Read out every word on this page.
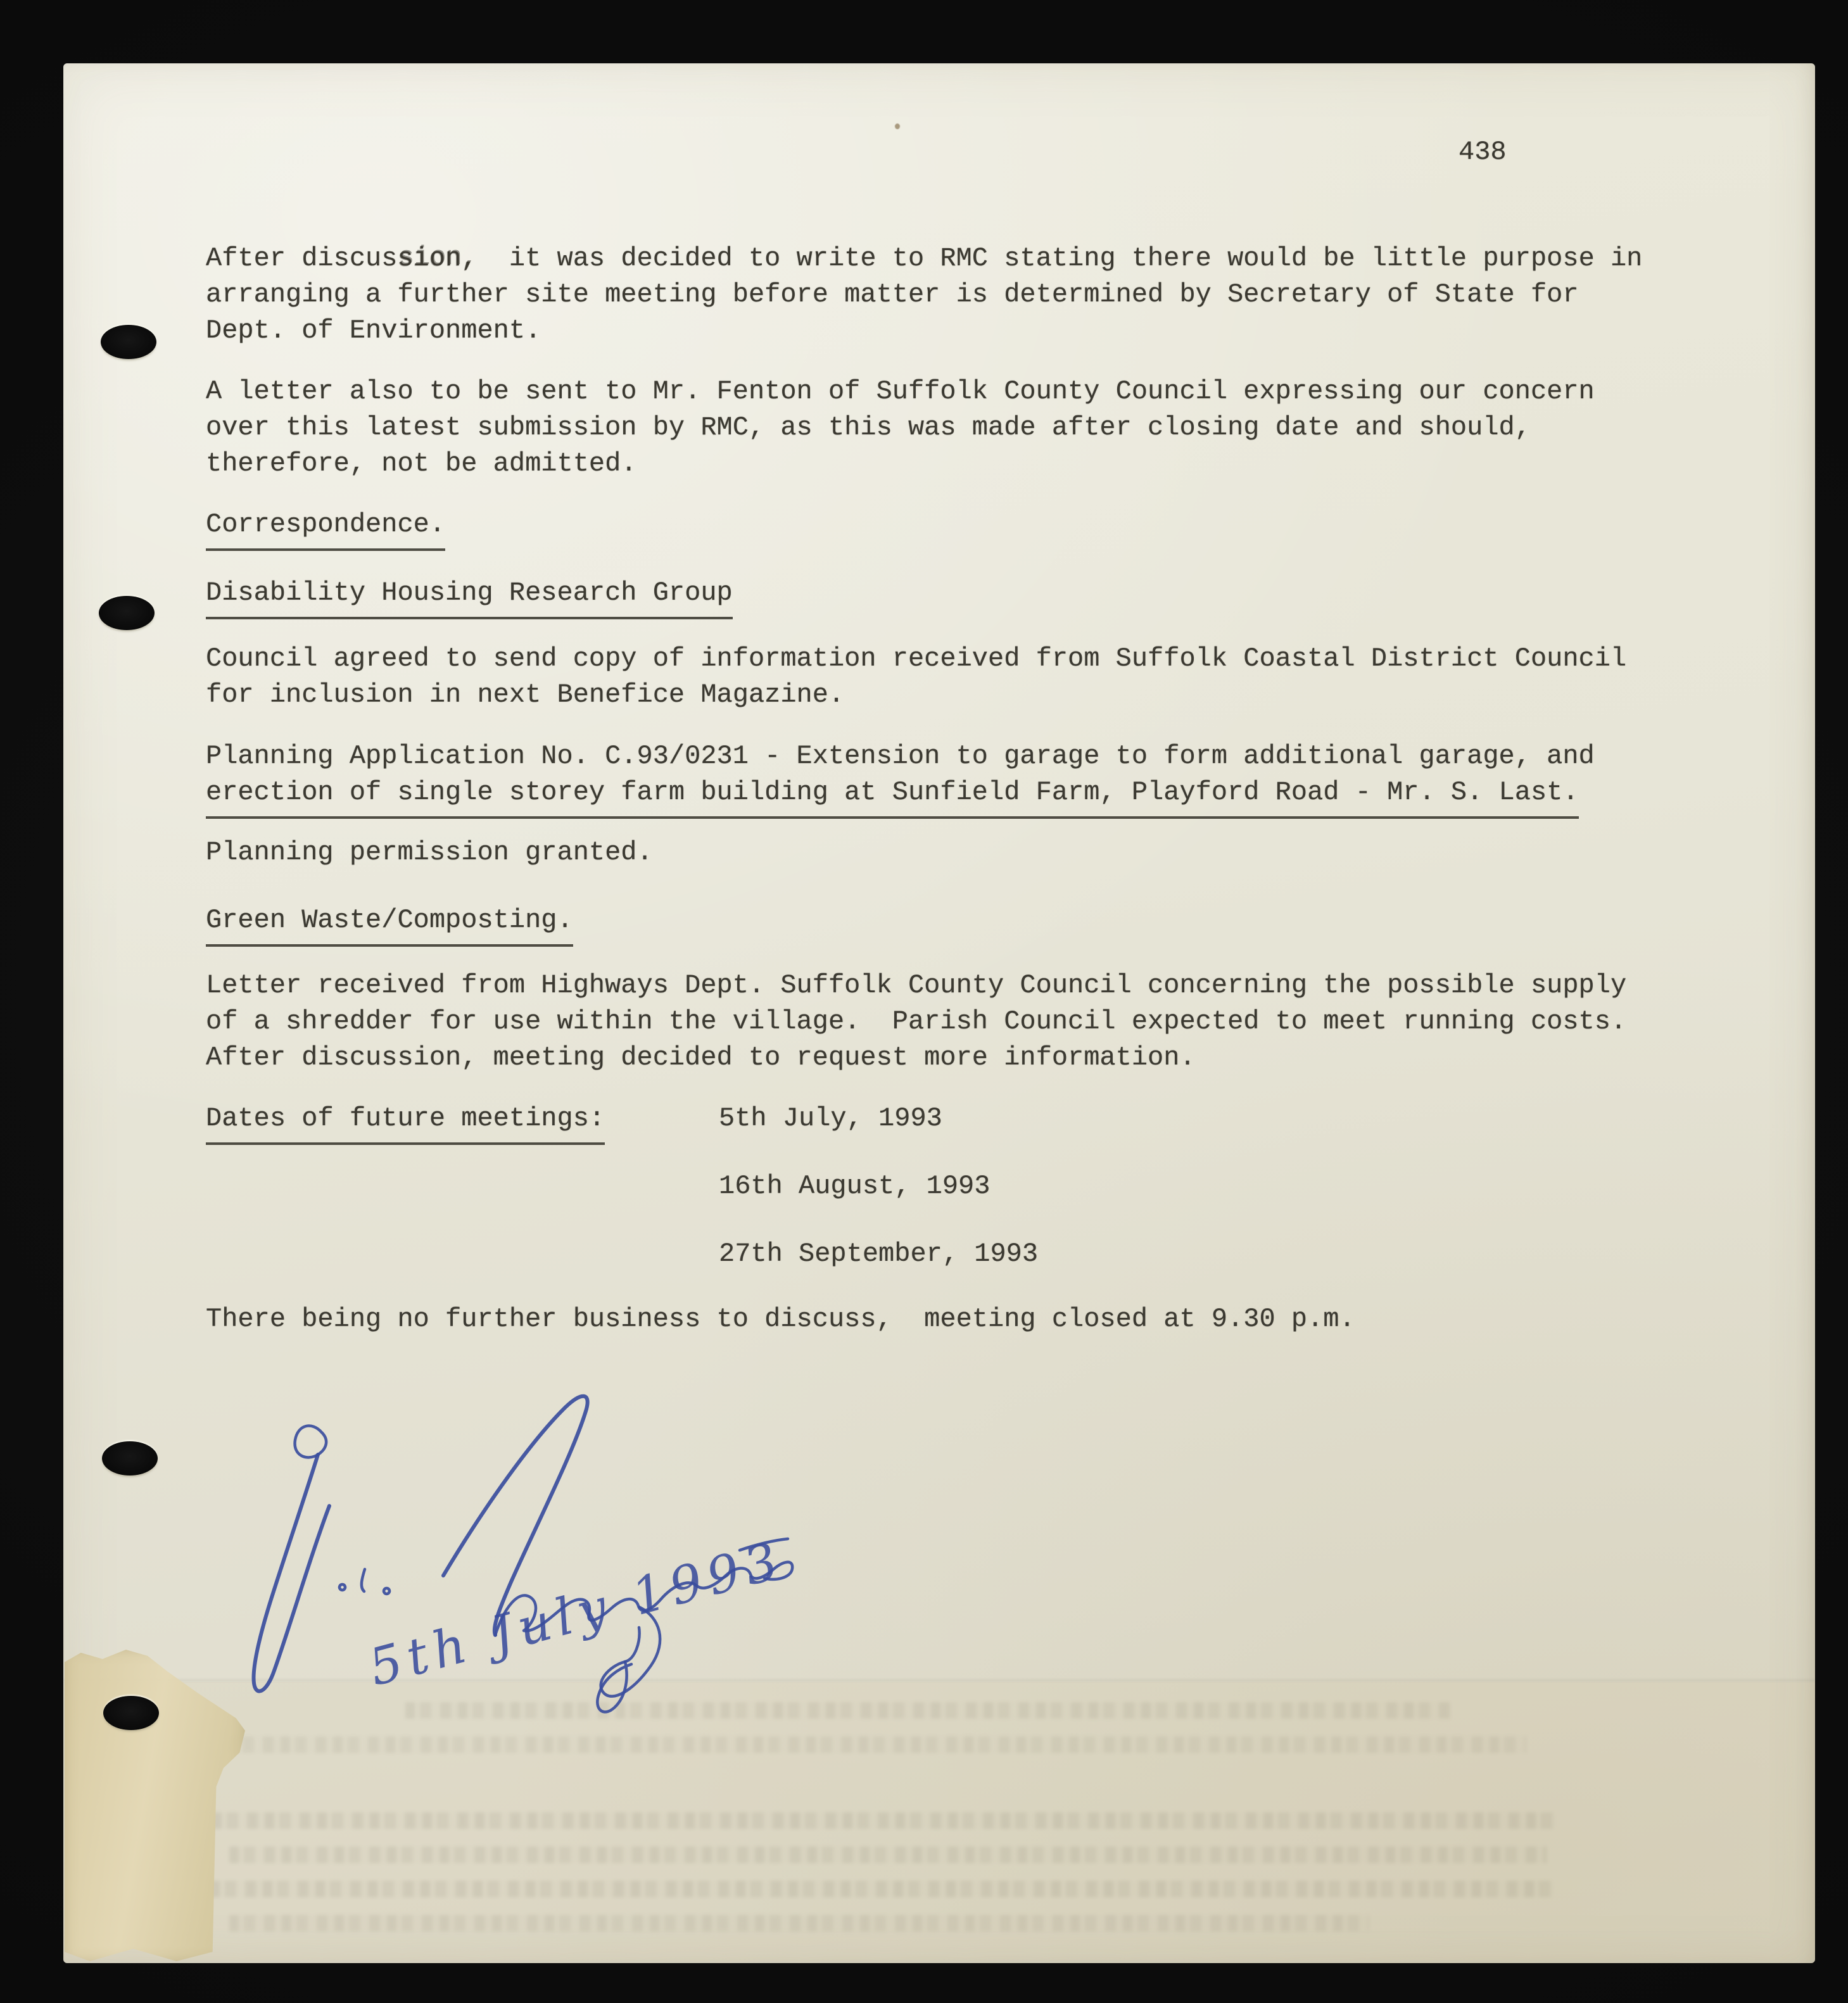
438
After discussion,  it was decided to write to RMC stating there would be little purpose in
arranging a further site meeting before matter is determined by Secretary of State for
Dept. of Environment.
A letter also to be sent to Mr. Fenton of Suffolk County Council expressing our concern
over this latest submission by RMC, as this was made after closing date and should,
therefore, not be admitted.
Correspondence.
Disability Housing Research Group
Council agreed to send copy of information received from Suffolk Coastal District Council
for inclusion in next Benefice Magazine.
Planning Application No. C.93/0231 - Extension to garage to form additional garage, and
erection of single storey farm building at Sunfield Farm, Playford Road - Mr. S. Last.
Planning permission granted.
Green Waste/Composting.
Letter received from Highways Dept. Suffolk County Council concerning the possible supply
of a shredder for use within the village.  Parish Council expected to meet running costs.
After discussion, meeting decided to request more information.
Dates of future meetings:	5th July, 1993
16th August, 1993
27th September, 1993
There being no further business to discuss,  meeting closed at 9.30 p.m.
5th July 1993
